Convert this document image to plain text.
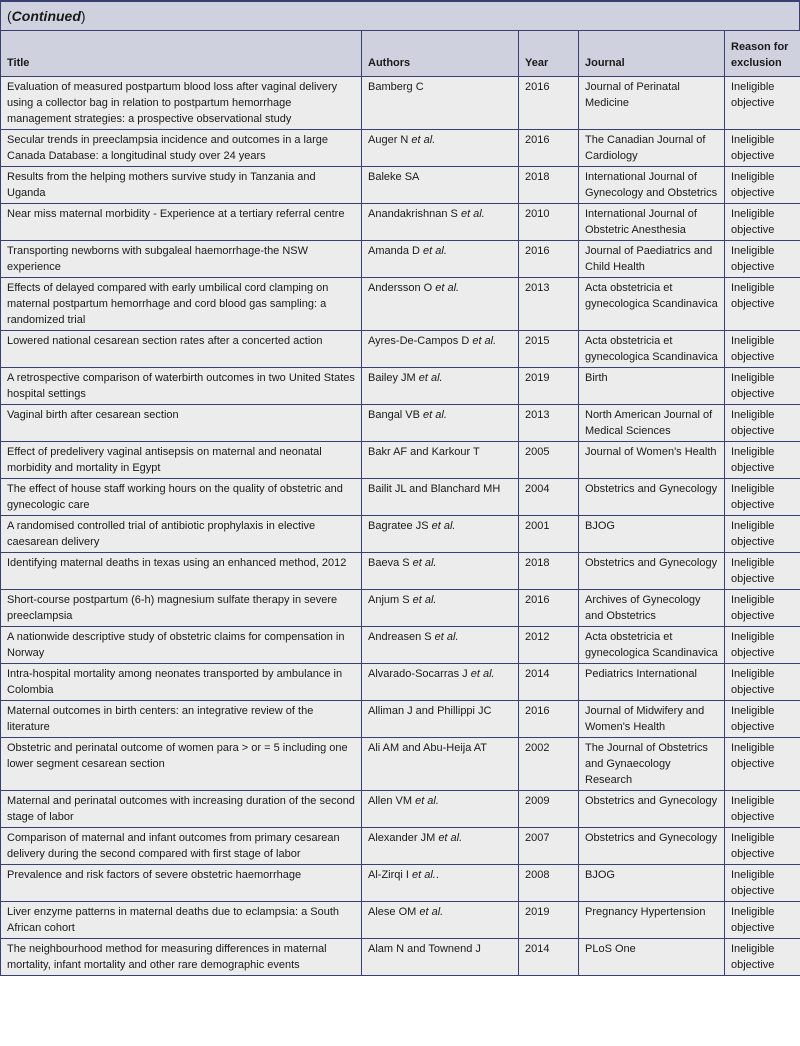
(Continued)
Title	Authors	Year	Journal	Reason for exclusion
Evaluation of measured postpartum blood loss after vaginal delivery using a collector bag in relation to postpartum hemorrhage management strategies: a prospective observational study	Bamberg C	2016	Journal of Perinatal Medicine	Ineligible objective
Secular trends in preeclampsia incidence and outcomes in a large Canada Database: a longitudinal study over 24 years	Auger N et al.	2016	The Canadian Journal of Cardiology	Ineligible objective
Results from the helping mothers survive study in Tanzania and Uganda	Baleke SA	2018	International Journal of Gynecology and Obstetrics	Ineligible objective
Near miss maternal morbidity - Experience at a tertiary referral centre	Anandakrishnan S et al.	2010	International Journal of Obstetric Anesthesia	Ineligible objective
Transporting newborns with subgaleal haemorrhage-the NSW experience	Amanda D et al.	2016	Journal of Paediatrics and Child Health	Ineligible objective
Effects of delayed compared with early umbilical cord clamping on maternal postpartum hemorrhage and cord blood gas sampling: a randomized trial	Andersson O et al.	2013	Acta obstetricia et gynecologica Scandinavica	Ineligible objective
Lowered national cesarean section rates after a concerted action	Ayres-De-Campos D et al.	2015	Acta obstetricia et gynecologica Scandinavica	Ineligible objective
A retrospective comparison of waterbirth outcomes in two United States hospital settings	Bailey JM et al.	2019	Birth	Ineligible objective
Vaginal birth after cesarean section	Bangal VB et al.	2013	North American Journal of Medical Sciences	Ineligible objective
Effect of predelivery vaginal antisepsis on maternal and neonatal morbidity and mortality in Egypt	Bakr AF and Karkour T	2005	Journal of Women's Health	Ineligible objective
The effect of house staff working hours on the quality of obstetric and gynecologic care	Bailit JL and Blanchard MH	2004	Obstetrics and Gynecology	Ineligible objective
A randomised controlled trial of antibiotic prophylaxis in elective caesarean delivery	Bagratee JS et al.	2001	BJOG	Ineligible objective
Identifying maternal deaths in texas using an enhanced method, 2012	Baeva S et al.	2018	Obstetrics and Gynecology	Ineligible objective
Short-course postpartum (6-h) magnesium sulfate therapy in severe preeclampsia	Anjum S et al.	2016	Archives of Gynecology and Obstetrics	Ineligible objective
A nationwide descriptive study of obstetric claims for compensation in Norway	Andreasen S et al.	2012	Acta obstetricia et gynecologica Scandinavica	Ineligible objective
Intra-hospital mortality among neonates transported by ambulance in Colombia	Alvarado-Socarras J et al.	2014	Pediatrics International	Ineligible objective
Maternal outcomes in birth centers: an integrative review of the literature	Alliman J and Phillippi JC	2016	Journal of Midwifery and Women's Health	Ineligible objective
Obstetric and perinatal outcome of women para > or = 5 including one lower segment cesarean section	Ali AM and Abu-Heija AT	2002	The Journal of Obstetrics and Gynaecology Research	Ineligible objective
Maternal and perinatal outcomes with increasing duration of the second stage of labor	Allen VM et al.	2009	Obstetrics and Gynecology	Ineligible objective
Comparison of maternal and infant outcomes from primary cesarean delivery during the second compared with first stage of labor	Alexander JM et al.	2007	Obstetrics and Gynecology	Ineligible objective
Prevalence and risk factors of severe obstetric haemorrhage	Al-Zirqi I et al..	2008	BJOG	Ineligible objective
Liver enzyme patterns in maternal deaths due to eclampsia: a South African cohort	Alese OM et al.	2019	Pregnancy Hypertension	Ineligible objective
The neighbourhood method for measuring differences in maternal mortality, infant mortality and other rare demographic events	Alam N and Townend J	2014	PLoS One	Ineligible objective
